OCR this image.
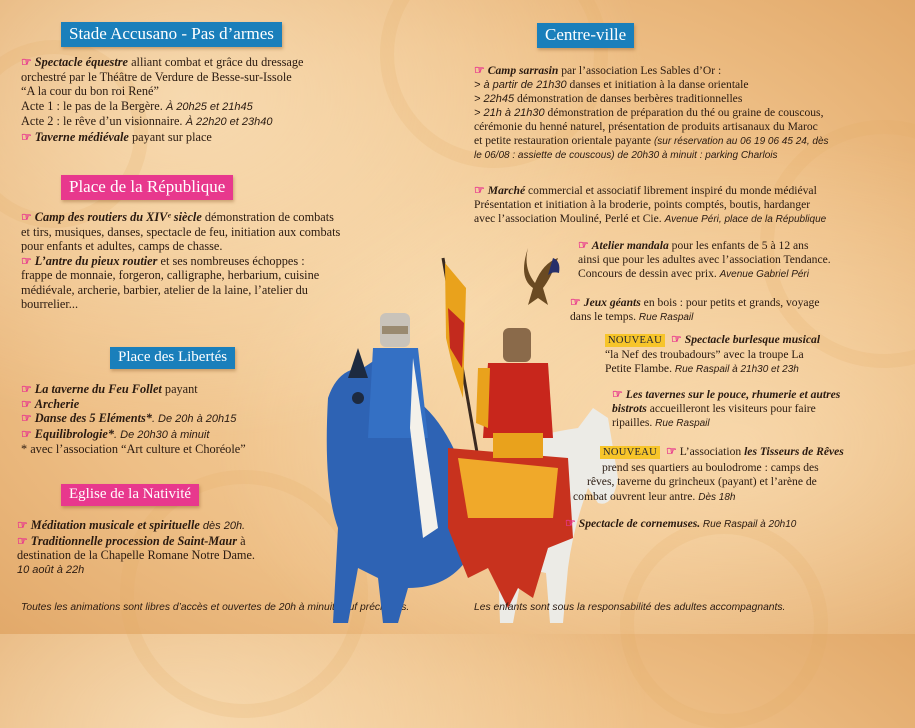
Stade Accusano - Pas d’armes
☞ Spectacle équestre alliant combat et grâce du dressage
orchestré par le Théâtre de Verdure de Besse-sur-Issole
“A la cour du bon roi René”
Acte 1 : le pas de la Bergère. À 20h25 et 21h45
Acte 2 : le rêve d’un visionnaire. À 22h20 et 23h40
☞ Taverne médiévale payant sur place
Place de la République
☞ Camp des routiers du XIVᵉ siècle démonstration de combats
et tirs, musiques, danses, spectacle de feu, initiation aux combats
pour enfants et adultes, camps de chasse.
☞ L’antre du pieux routier et ses nombreuses échoppes :
frappe de monnaie, forgeron, calligraphe, herbarium, cuisine
médiévale, archerie, barbier, atelier de la laine, l’atelier du
bourrelier...
Place des Libertés
☞ La taverne du Feu Follet payant
☞ Archerie
☞ Danse des 5 Eléments*. De 20h à 20h15
☞ Equilibrologie*. De 20h30 à minuit
* avec l’association “Art culture et Choréole”
Eglise de la Nativité
☞ Méditation musicale et spirituelle dès 20h.
☞ Traditionnelle procession de Saint-Maur à
destination de la Chapelle Romane Notre Dame.
10 août à 22h
Toutes les animations sont libres d’accès et ouvertes de 20h à minuit sauf précisions.
Centre-ville
☞ Camp sarrasin par l’association Les Sables d’Or :
> à partir de 21h30 danses et initiation à la danse orientale
> 22h45 démonstration de danses berbères traditionnelles
> 21h à 21h30 démonstration de préparation du thé ou graine de couscous,
cérémonie du henné naturel, présentation de produits artisanaux du Maroc
et petite restauration orientale payante (sur réservation au 06 19 06 45 24, dès
le 06/08 : assiette de couscous) de 20h30 à minuit : parking Charlois
☞ Marché commercial et associatif librement inspiré du monde médiéval
Présentation et initiation à la broderie, points comptés, boutis, hardanger
avec l’association Mouliné, Perlé et Cie. Avenue Péri, place de la République
☞ Atelier mandala pour les enfants de 5 à 12 ans
ainsi que pour les adultes avec l’association Tendance.
Concours de dessin avec prix. Avenue Gabriel Péri
☞ Jeux géants en bois : pour petits et grands, voyage
dans le temps. Rue Raspail
NOUVEAU ☞ Spectacle burlesque musical
“la Nef des troubadours” avec la troupe La
Petite Flambe. Rue Raspail à 21h30 et 23h
☞ Les tavernes sur le pouce, rhumerie et autres
bistrots accueilleront les visiteurs pour faire
ripailles. Rue Raspail
NOUVEAU ☞ L’association les Tisseurs de Rêves
prend ses quartiers au boulodrome : camps des
rêves, taverne du grincheux (payant) et l’arène de
combat ouvrent leur antre. Dès 18h
☞ Spectacle de cornemuses. Rue Raspail à 20h10
Les enfants sont sous la responsabilité des adultes accompagnants.
